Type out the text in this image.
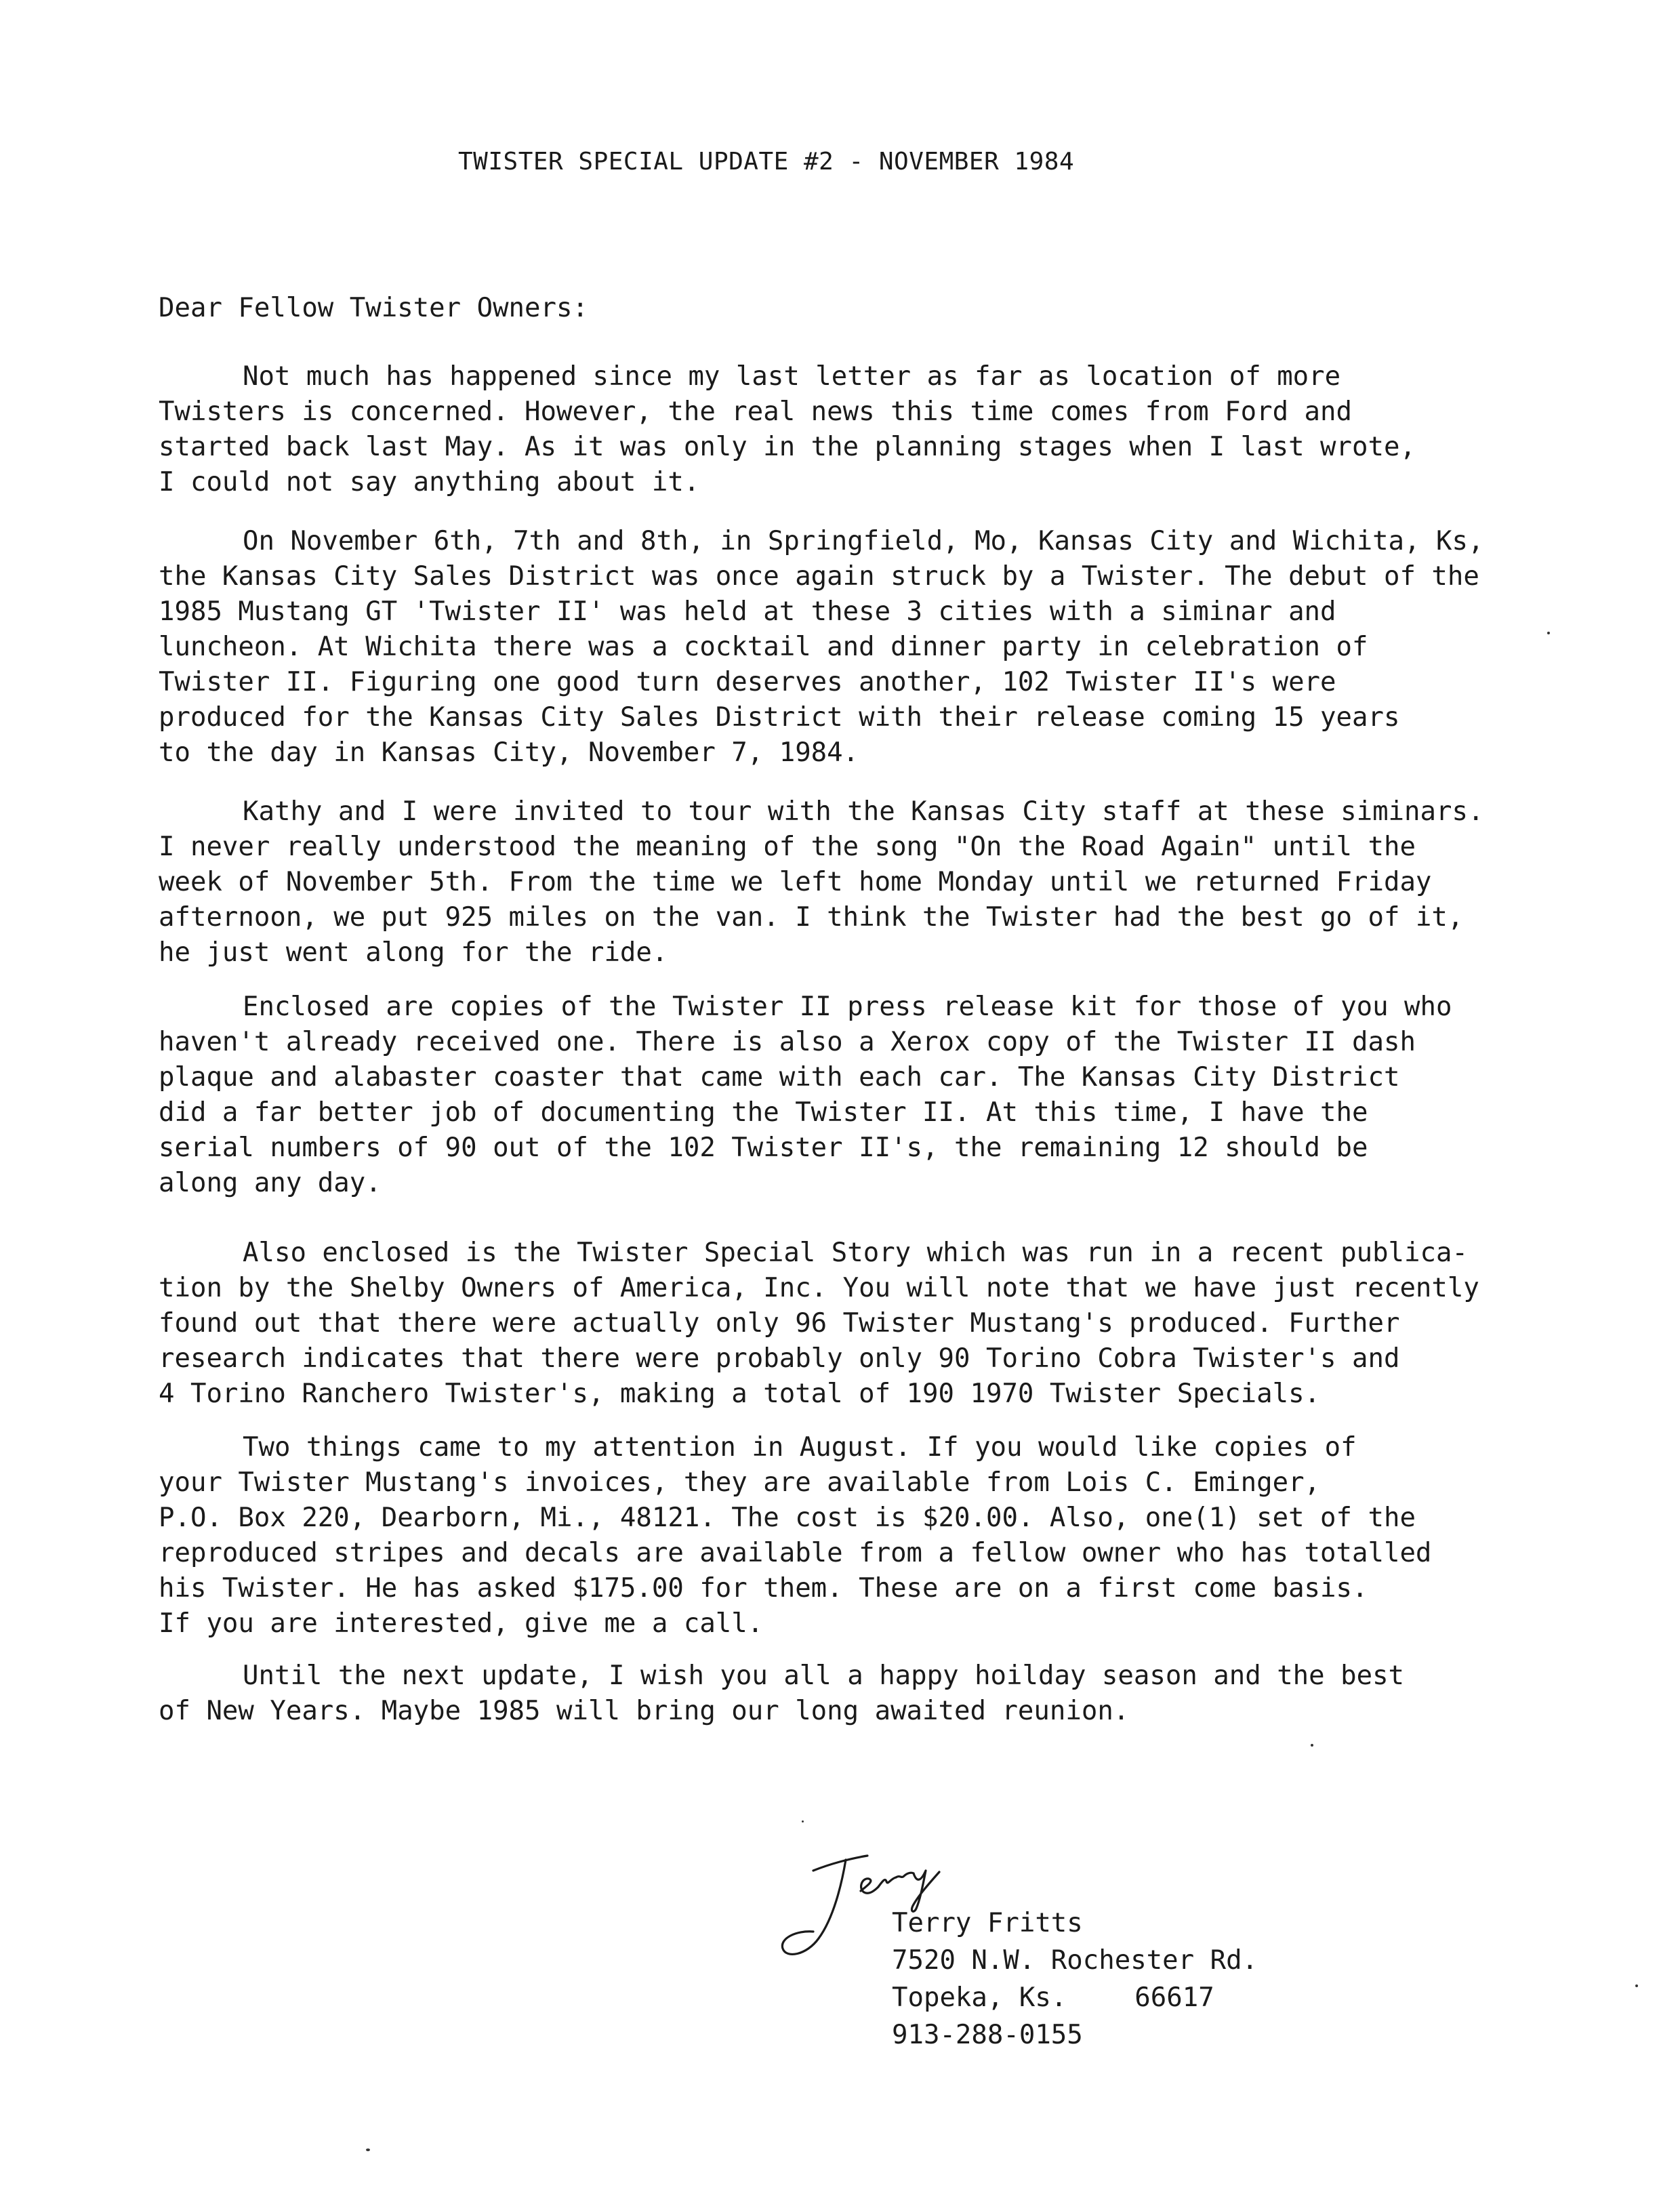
TWISTER SPECIAL UPDATE #2 - NOVEMBER 1984
Dear Fellow Twister Owners:
Not much has happened since my last letter as far as location of more
Twisters is concerned. However, the real news this time comes from Ford and
started back last May. As it was only in the planning stages when I last wrote,
I could not say anything about it.
On November 6th, 7th and 8th, in Springfield, Mo, Kansas City and Wichita, Ks,
the Kansas City Sales District was once again struck by a Twister. The debut of the
1985 Mustang GT 'Twister II' was held at these 3 cities with a siminar and
luncheon. At Wichita there was a cocktail and dinner party in celebration of
Twister II. Figuring one good turn deserves another, 102 Twister II's were
produced for the Kansas City Sales District with their release coming 15 years
to the day in Kansas City, November 7, 1984.
Kathy and I were invited to tour with the Kansas City staff at these siminars.
I never really understood the meaning of the song "On the Road Again" until the
week of November 5th. From the time we left home Monday until we returned Friday
afternoon, we put 925 miles on the van. I think the Twister had the best go of it,
he just went along for the ride.
Enclosed are copies of the Twister II press release kit for those of you who
haven't already received one. There is also a Xerox copy of the Twister II dash
plaque and alabaster coaster that came with each car. The Kansas City District
did a far better job of documenting the Twister II. At this time, I have the
serial numbers of 90 out of the 102 Twister II's, the remaining 12 should be
along any day.
Also enclosed is the Twister Special Story which was run in a recent publica-
tion by the Shelby Owners of America, Inc. You will note that we have just recently
found out that there were actually only 96 Twister Mustang's produced. Further
research indicates that there were probably only 90 Torino Cobra Twister's and
4 Torino Ranchero Twister's, making a total of 190 1970 Twister Specials.
Two things came to my attention in August. If you would like copies of
your Twister Mustang's invoices, they are available from Lois C. Eminger,
P.O. Box 220, Dearborn, Mi., 48121. The cost is $20.00. Also, one(1) set of the
reproduced stripes and decals are available from a fellow owner who has totalled
his Twister. He has asked $175.00 for them. These are on a first come basis.
If you are interested, give me a call.
Until the next update, I wish you all a happy hoilday season and the best
of New Years. Maybe 1985 will bring our long awaited reunion.
Terry Fritts
7520 N.W. Rochester Rd.
Topeka, Ks.	66617
913-288-0155
